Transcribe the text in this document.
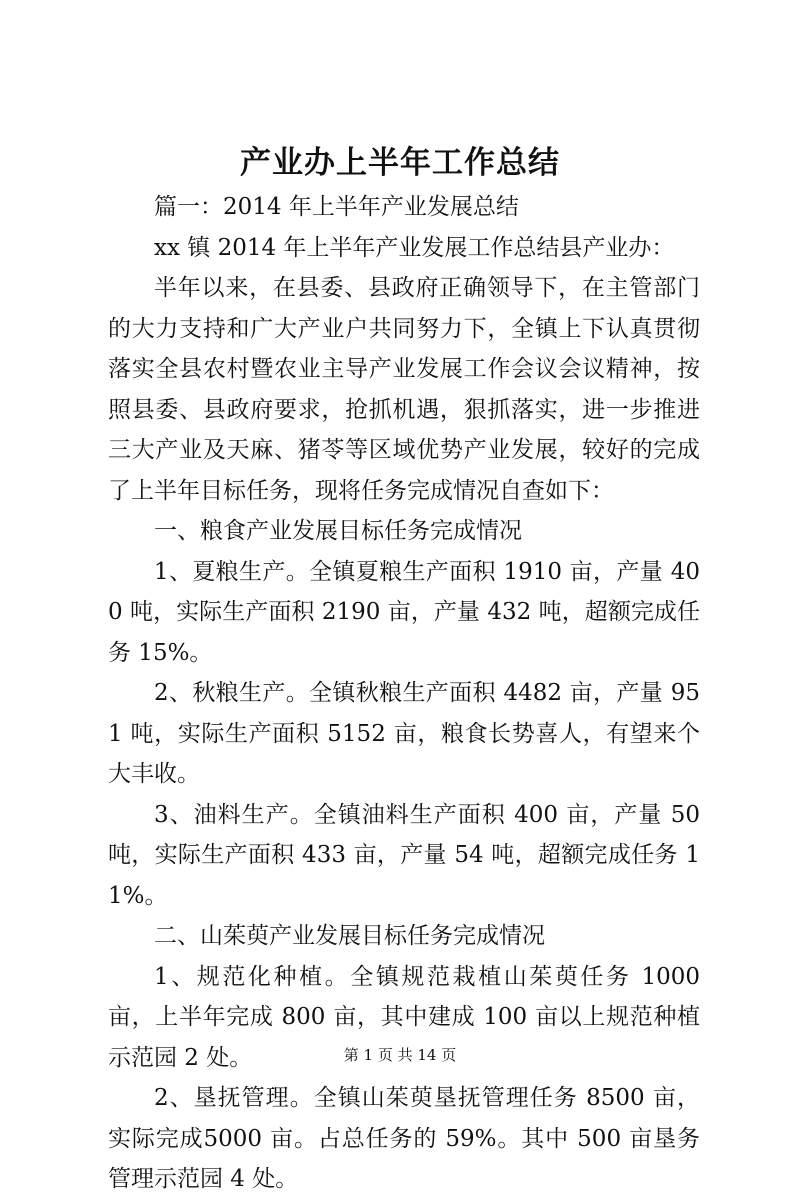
产业办上半年工作总结

篇一：2014 年上半年产业发展总结

xx 镇 2014 年上半年产业发展工作总结县产业办：

半年以来，在县委、县政府正确领导下，在主管部门的大力支持和广大产业户共同努力下，全镇上下认真贯彻落实全县农村暨农业主导产业发展工作会议会议精神，按照县委、县政府要求，抢抓机遇，狠抓落实，进一步推进三大产业及天麻、猪苓等区域优势产业发展，较好的完成了上半年目标任务，现将任务完成情况自查如下：

一、粮食产业发展目标任务完成情况

1、夏粮生产。全镇夏粮生产面积 1910 亩，产量 400 吨，实际生产面积 2190 亩，产量 432 吨，超额完成任务 15%。

2、秋粮生产。全镇秋粮生产面积 4482 亩，产量 951 吨，实际生产面积 5152 亩，粮食长势喜人，有望来个大丰收。

3、油料生产。全镇油料生产面积 400 亩，产量 50 吨，实际生产面积 433 亩，产量 54 吨，超额完成任务 11%。

二、山茱萸产业发展目标任务完成情况

1、规范化种植。全镇规范栽植山茱萸任务 1000 亩，上半年完成 800 亩，其中建成 100 亩以上规范种植示范园 2 处。

2、垦抚管理。全镇山茱萸垦抚管理任务 8500 亩，实际完成5000 亩。占总任务的 59%。其中 500 亩垦务管理示范园 4 处。

第 1 页 共 14 页
